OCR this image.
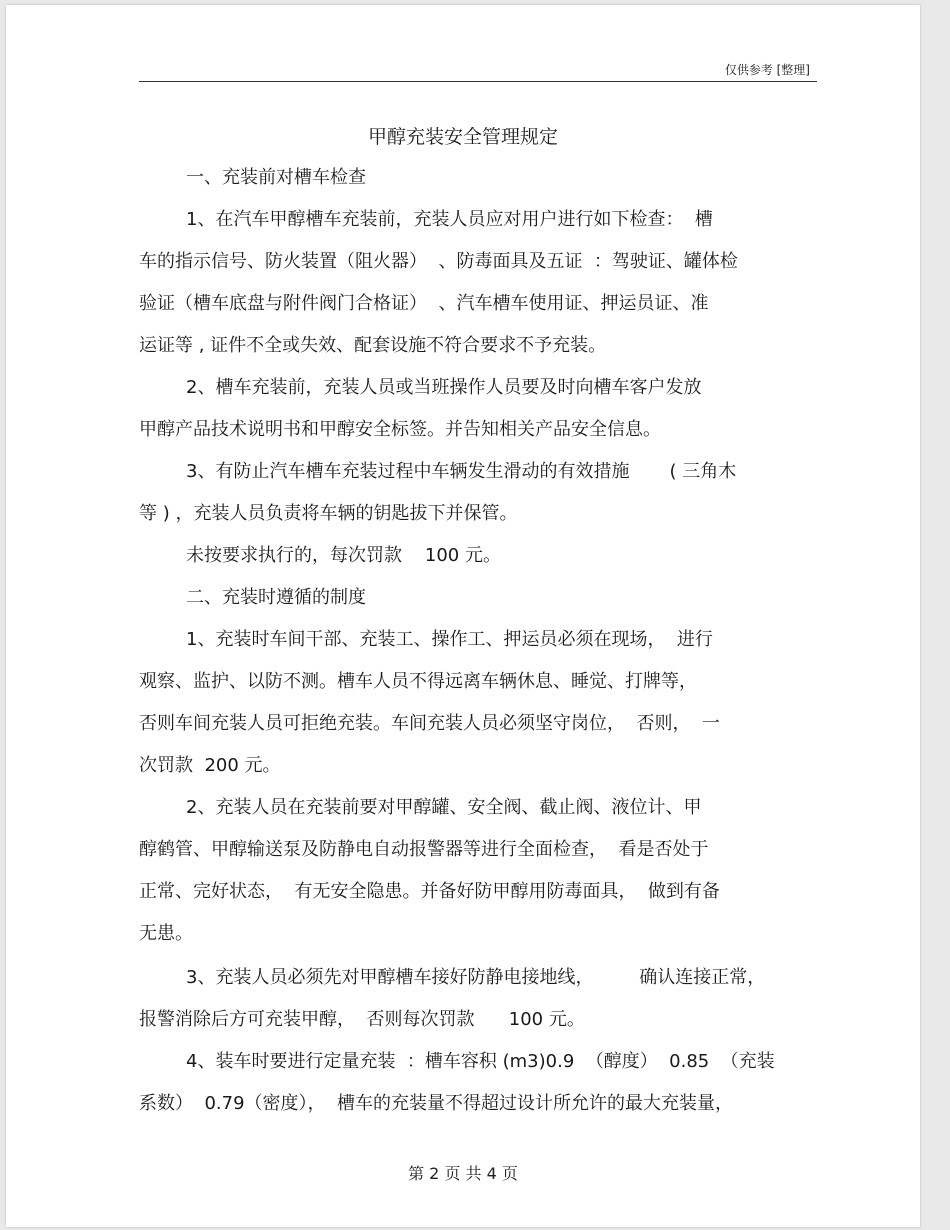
仅供参考 [整理]
甲醇充装安全管理规定
一、充装前对槽车检查
1、在汽车甲醇槽车充装前，充装人员应对用户进行如下检查：  槽
车的指示信号、防火装置（阻火器）  、防毒面具及五证  ：驾驶证、罐体检
验证（槽车底盘与附件阀门合格证）  、汽车槽车使用证、押运员证、准
运证等 , 证件不全或失效、配套设施不符合要求不予充装。
2、槽车充装前，充装人员或当班操作人员要及时向槽车客户发放
甲醇产品技术说明书和甲醇安全标签。并告知相关产品安全信息。
3、有防止汽车槽车充装过程中车辆发生滑动的有效措施       ( 三角木
等 ) ，充装人员负责将车辆的钥匙拔下并保管。
未按要求执行的，每次罚款    100 元。
二、充装时遵循的制度
1、充装时车间干部、充装工、操作工、押运员必须在现场，  进行
观察、监护、以防不测。槽车人员不得远离车辆休息、睡觉、打牌等，
否则车间充装人员可拒绝充装。车间充装人员必须坚守岗位，  否则，  一
次罚款  200 元。
2、充装人员在充装前要对甲醇罐、安全阀、截止阀、液位计、甲
醇鹤管、甲醇输送泵及防静电自动报警器等进行全面检查，  看是否处于
正常、完好状态，  有无安全隐患。并备好防甲醇用防毒面具，  做到有备
无患。
3、充装人员必须先对甲醇槽车接好防静电接地线，        确认连接正常，
报警消除后方可充装甲醇，  否则每次罚款      100 元。
4、装车时要进行定量充装  ：槽车容积 (m3)0.9  （醇度）  0.85  （充装
系数）  0.79（密度），  槽车的充装量不得超过设计所允许的最大充装量，
第 2 页 共 4 页
